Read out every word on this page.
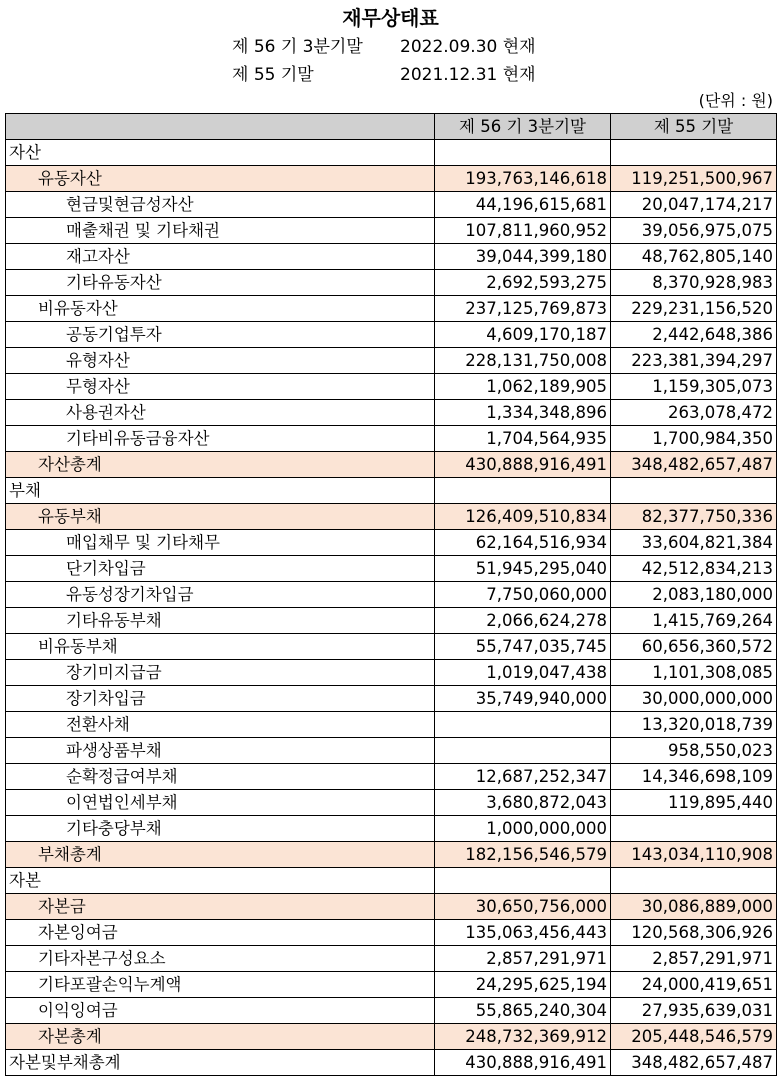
재무상태표
제 56 기 3분기말 2022.09.30 현재
제 55 기말	2021.12.31 현재
(단위 : 원)
	제 56 기 3분기말	제 55 기말
자산		
유동자산	193,763,146,618	119,251,500,967
현금및현금성자산	44,196,615,681	20,047,174,217
매출채권 및 기타채권	107,811,960,952	39,056,975,075
재고자산	39,044,399,180	48,762,805,140
기타유동자산	2,692,593,275	8,370,928,983
비유동자산	237,125,769,873	229,231,156,520
공동기업투자	4,609,170,187	2,442,648,386
유형자산	228,131,750,008	223,381,394,297
무형자산	1,062,189,905	1,159,305,073
사용권자산	1,334,348,896	263,078,472
기타비유동금융자산	1,704,564,935	1,700,984,350
자산총계	430,888,916,491	348,482,657,487
부채		
유동부채	126,409,510,834	82,377,750,336
매입채무 및 기타채무	62,164,516,934	33,604,821,384
단기차입금	51,945,295,040	42,512,834,213
유동성장기차입금	7,750,060,000	2,083,180,000
기타유동부채	2,066,624,278	1,415,769,264
비유동부채	55,747,035,745	60,656,360,572
장기미지급금	1,019,047,438	1,101,308,085
장기차입금	35,749,940,000	30,000,000,000
전환사채		13,320,018,739
파생상품부채		958,550,023
순확정급여부채	12,687,252,347	14,346,698,109
이연법인세부채	3,680,872,043	119,895,440
기타충당부채	1,000,000,000	
부채총계	182,156,546,579	143,034,110,908
자본		
자본금	30,650,756,000	30,086,889,000
자본잉여금	135,063,456,443	120,568,306,926
기타자본구성요소	2,857,291,971	2,857,291,971
기타포괄손익누계액	24,295,625,194	24,000,419,651
이익잉여금	55,865,240,304	27,935,639,031
자본총계	248,732,369,912	205,448,546,579
자본및부채총계	430,888,916,491	348,482,657,487
